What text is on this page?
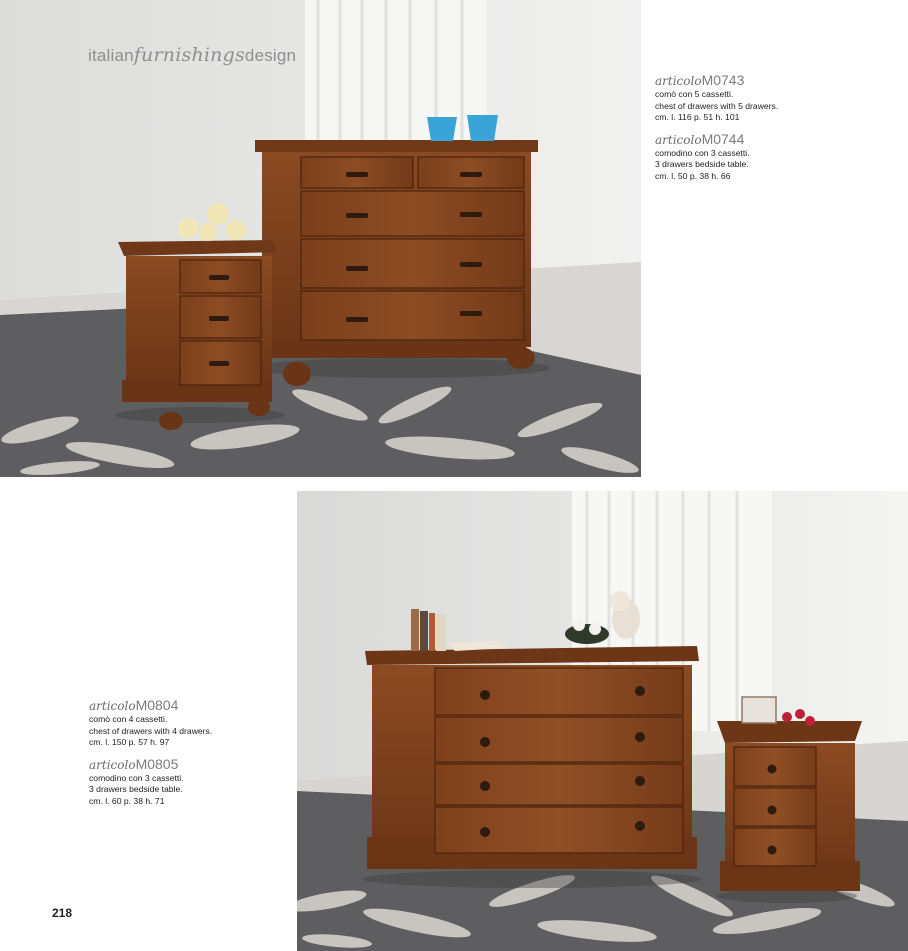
italianfurnishingsdesign
articoloM0743
comò con 5 cassetti.
chest of drawers with 5 drawers.
cm. l. 116 p. 51 h. 101
articoloM0744
comodino con 3 cassetti.
3 drawers bedside table.
cm. l. 50 p. 38 h. 66
articoloM0804
comò con 4 cassetti.
chest of drawers with 4 drawers.
cm. l. 150 p. 57 h. 97
articoloM0805
comodino con 3 cassetti.
3 drawers bedside table.
cm. l. 60 p. 38 h. 71
218
